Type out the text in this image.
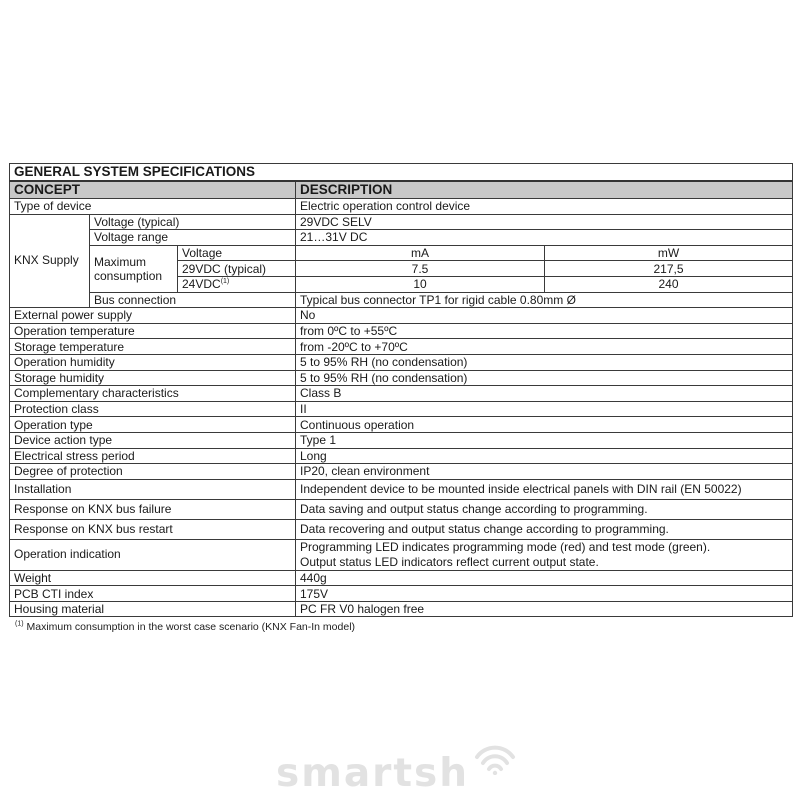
GENERAL SYSTEM SPECIFICATIONS				
CONCEPT			DESCRIPTION	
Type of device			Electric operation control device	
KNX Supply	Voltage (typical)		29VDC SELV	
	Voltage range		21…31V DC	
	Maximum consumption	Voltage	mA	mW
		29VDC (typical)	7.5	217,5
		24VDC$^{(1)}$	10	240
	Bus connection		Typical bus connector TP1 for rigid cable 0.80mm Ø	
External power supply			No	
Operation temperature			from 0ºC to +55ºC	
Storage temperature			from -20ºC to +70ºC	
Operation humidity			5 to 95% RH (no condensation)	
Storage humidity			5 to 95% RH (no condensation)	
Complementary characteristics			Class B	
Protection class			II	
Operation type			Continuous operation	
Device action type			Type 1	
Electrical stress period			Long	
Degree of protection			IP20, clean environment	
Installation			Independent device to be mounted inside electrical panels with DIN rail (EN 50022)	
Response on KNX bus failure			Data saving and output status change according to programming.	
Response on KNX bus restart			Data recovering and output status change according to programming.	
Operation indication			Programming LED indicates programming mode (red) and test mode (green).
Output status LED indicators reflect current output state.	

Weight			440g	
PCB CTI index			175V	
Housing material			PC FR V0 halogen free	
$^{(1)}$ Maximum consumption in the worst case scenario (KNX Fan-In model)
smartsh
